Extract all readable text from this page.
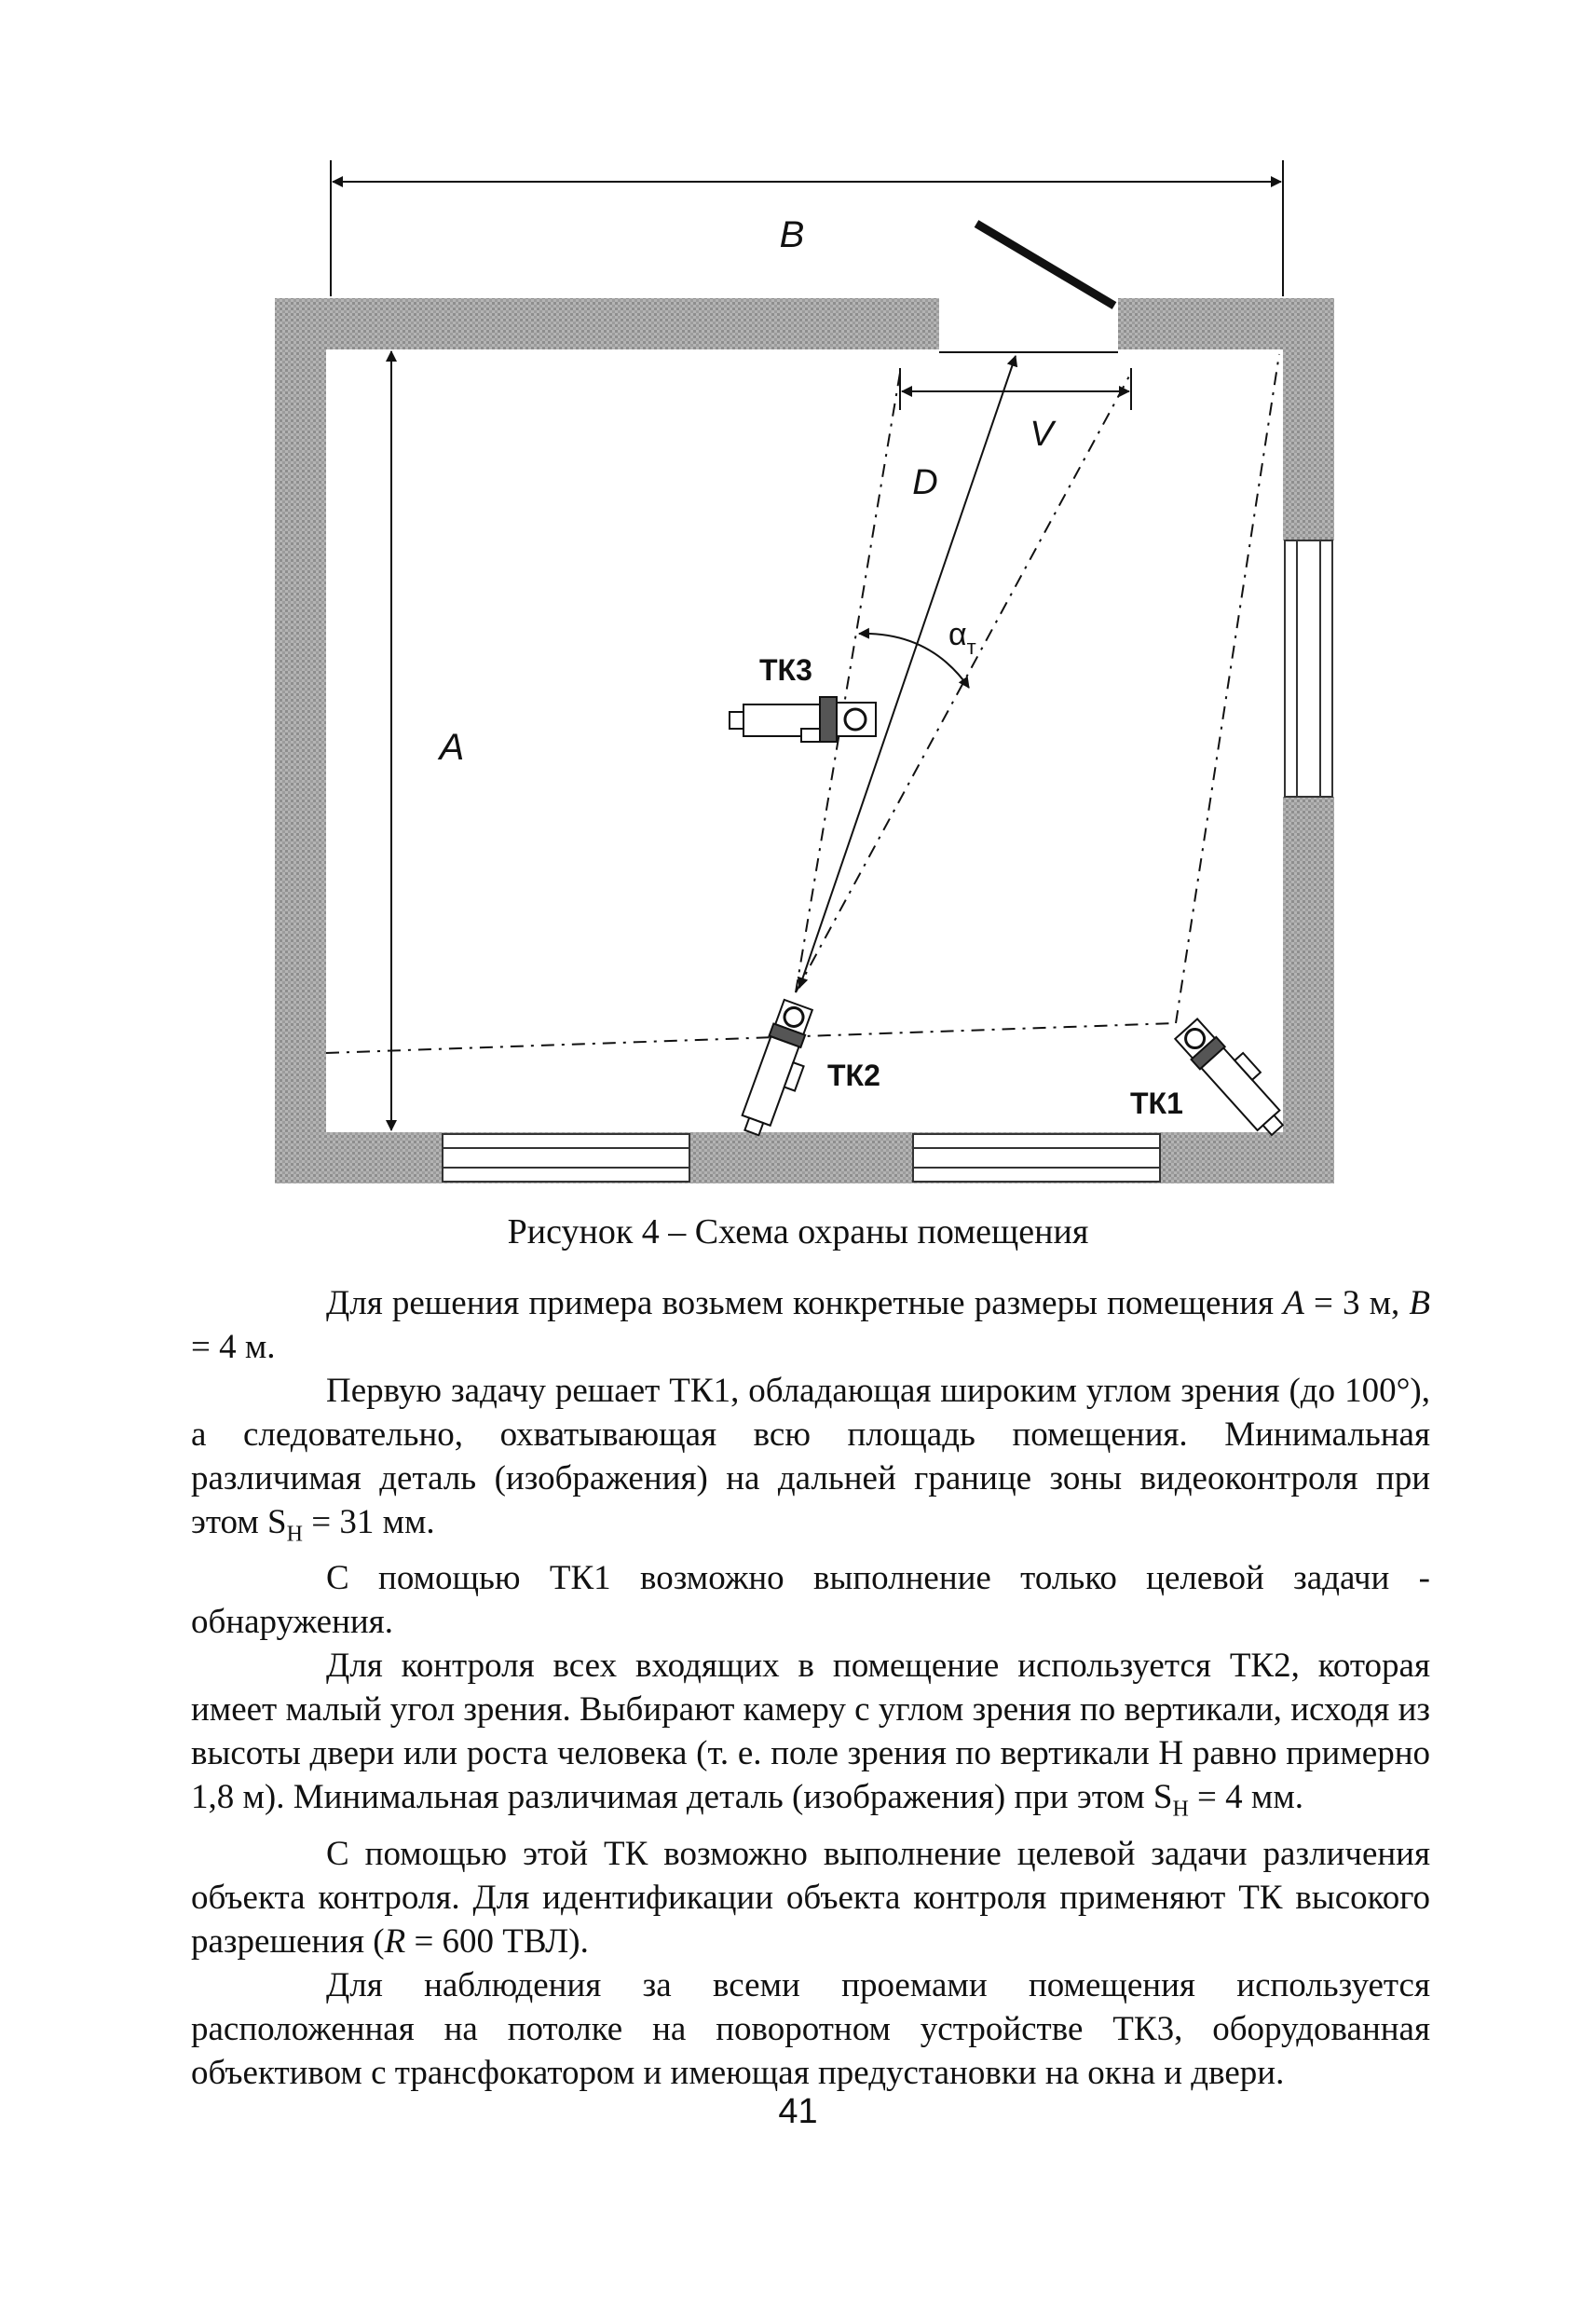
B
A
V
D
$\alpha_т$
ТК3
ТК2
ТК1
Рисунок 4 – Схема охраны помещения

Для решения примера возьмем конкретные размеры помещения A = 3 м, B = 4 м.

Первую задачу решает ТК1, обладающая широким углом зрения (до 100°), а следовательно, охватывающая всю площадь помещения. Минимальная различимая деталь (изображения) на дальней границе зоны видеоконтроля при этом $S_Н = 31$ мм.

С помощью ТК1 возможно выполнение только целевой задачи - обнаружения.

Для контроля всех входящих в помещение используется ТК2, которая имеет малый угол зрения. Выбирают камеру с углом зрения по вертикали, исходя из высоты двери или роста человека (т. е. поле зрения по вертикали H равно примерно 1,8 м). Минимальная различимая деталь (изображения) при этом $S_Н = 4$ мм.

С помощью этой ТК возможно выполнение целевой задачи различения объекта контроля. Для идентификации объекта контроля применяют ТК высокого разрешения (R = 600 ТВЛ).

Для наблюдения за всеми проемами помещения используется расположенная на потолке на поворотном устройстве ТК3, оборудованная объективом с трансфокатором и имеющая предустановки на окна и двери.

41
